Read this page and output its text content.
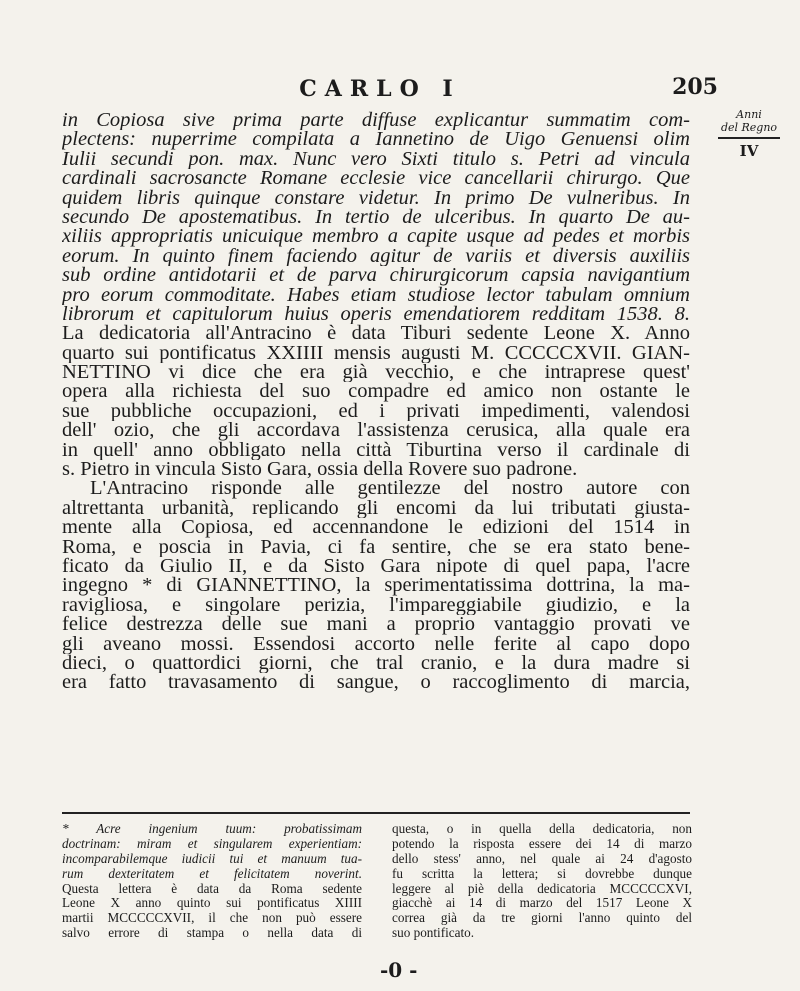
CARLO I	205
Anni
del Regno
IV
in Copiosa sive prima parte diffuse explicantur summatim com-
plectens: nuperrime compilata a Iannetino de Uigo Genuensi olim
Iulii secundi pon. max. Nunc vero Sixti titulo s. Petri ad vincula
cardinali sacrosancte Romane ecclesie vice cancellarii chirurgo. Que
quidem libris quinque constare videtur. In primo De vulneribus. In
secundo De apostematibus. In tertio de ulceribus. In quarto De au-
xiliis appropriatis unicuique membro a capite usque ad pedes et morbis
eorum. In quinto finem faciendo agitur de variis et diversis auxiliis
sub ordine antidotarii et de parva chirurgicorum capsia navigantium
pro eorum commoditate. Habes etiam studiose lector tabulam omnium
librorum et capitulorum huius operis emendatiorem redditam 1538. 8.
La dedicatoria all'Antracino è data Tiburi sedente Leone X. Anno
quarto sui pontificatus XXIIII mensis augusti M. CCCCCXVII. GIAN-
NETTINO vi dice che era già vecchio, e che intraprese quest'
opera alla richiesta del suo compadre ed amico non ostante le
sue pubbliche occupazioni, ed i privati impedimenti, valendosi
dell' ozio, che gli accordava l'assistenza cerusica, alla quale era
in quell' anno obbligato nella città Tiburtina verso il cardinale di
s. Pietro in vincula Sisto Gara, ossia della Rovere suo padrone.
L'Antracino risponde alle gentilezze del nostro autore con
altrettanta urbanità, replicando gli encomi da lui tributati giusta-
mente alla Copiosa, ed accennandone le edizioni del 1514 in
Roma, e poscia in Pavia, ci fa sentire, che se era stato bene-
ficato da Giulio II, e da Sisto Gara nipote di quel papa, l'acre
ingegno * di GIANNETTINO, la sperimentatissima dottrina, la ma-
ravigliosa, e singolare perizia, l'impareggiabile giudizio, e la
felice destrezza delle sue mani a proprio vantaggio provati ve
gli aveano mossi. Essendosi accorto nelle ferite al capo dopo
dieci, o quattordici giorni, che tral cranio, e la dura madre si
era fatto travasamento di sangue, o raccoglimento di marcia,
* Acre ingenium tuum: probatissimam
doctrinam: miram et singularem experientiam:
incomparabilemque iudicii tui et manuum tua-
rum dexteritatem et felicitatem noverint.
Questa lettera è data da Roma sedente
Leone X anno quinto sui pontificatus XIIII
martii MCCCCCXVII, il che non può essere
salvo errore di stampa o nella data di
questa, o in quella della dedicatoria, non
potendo la risposta essere dei 14 di marzo
dello stess' anno, nel quale ai 24 d'agosto
fu scritta la lettera; si dovrebbe dunque
leggere al piè della dedicatoria MCCCCCXVI,
giacchè ai 14 di marzo del 1517 Leone X
correa già da tre giorni l'anno quinto del
suo pontificato.
-0 -
